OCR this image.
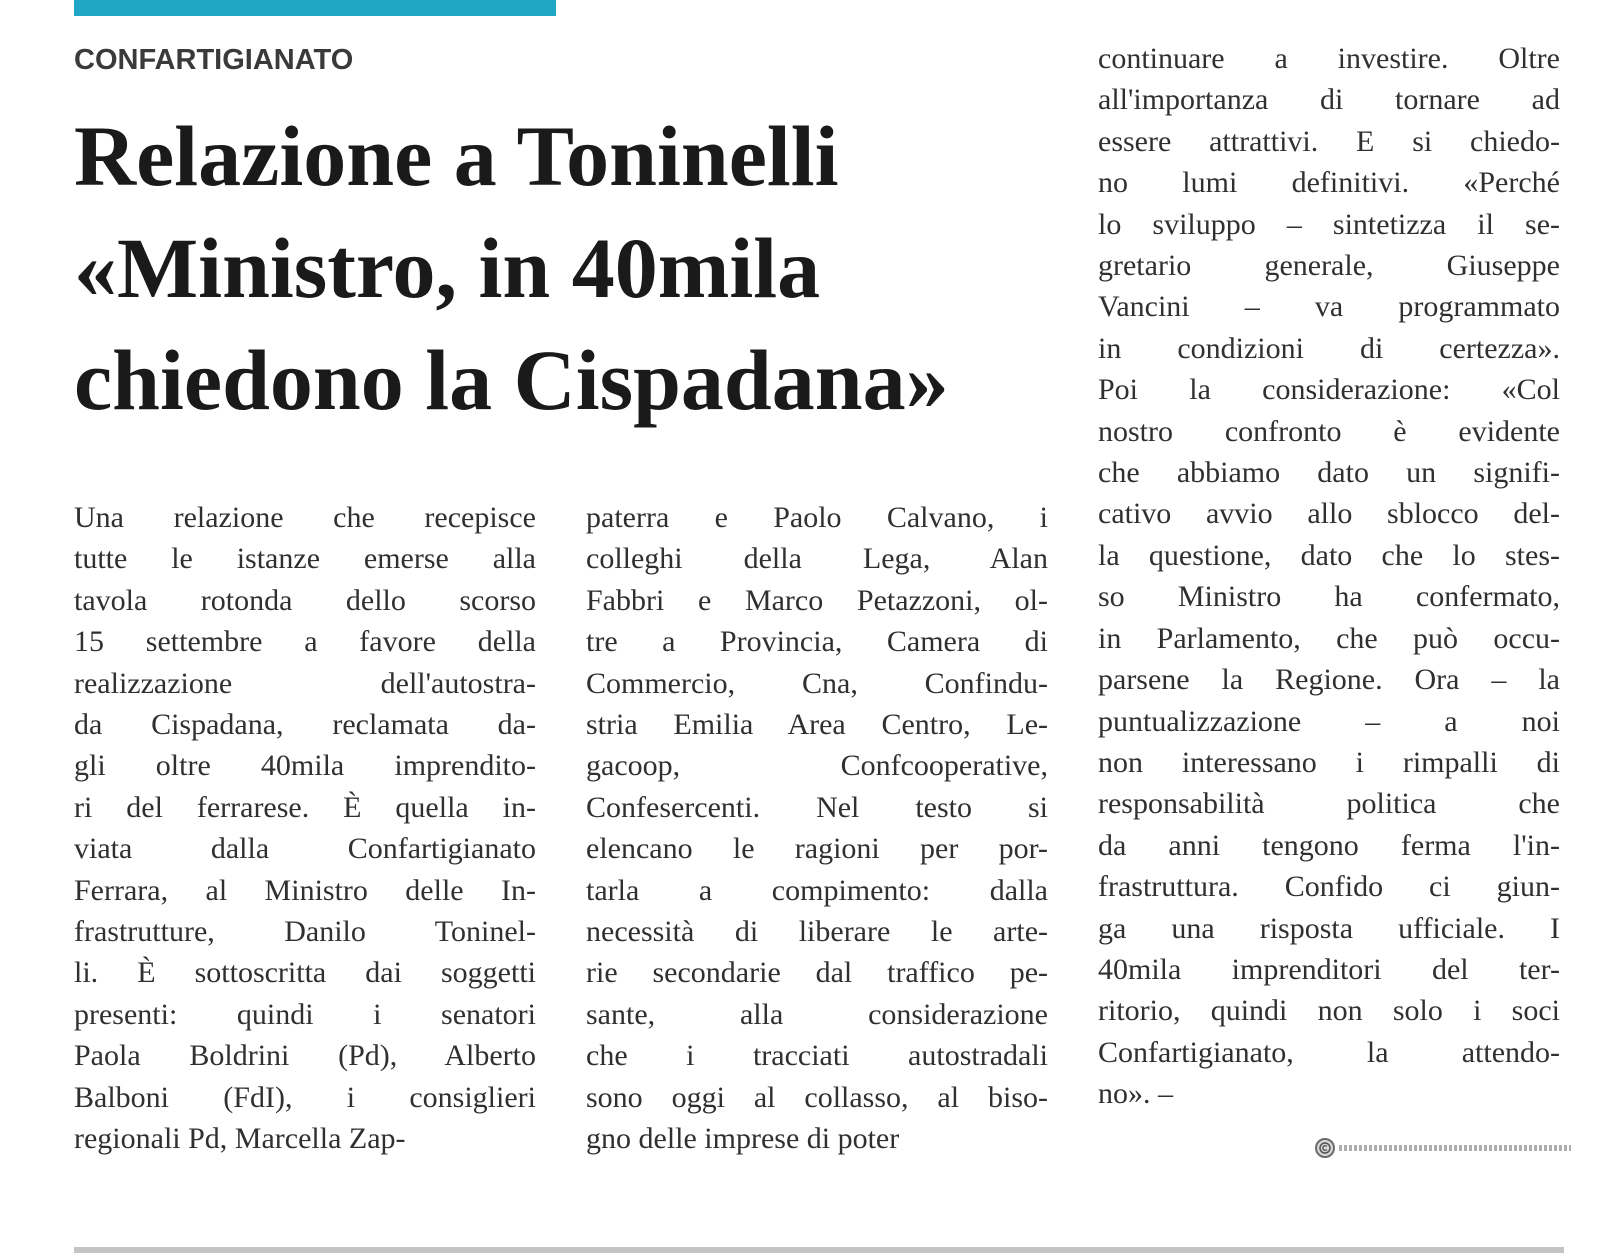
CONFARTIGIANATO
Relazione a Toninelli
«Ministro, in 40mila
chiedono la Cispadana»
Una relazione che recepisce
tutte le istanze emerse alla
tavola rotonda dello scorso
15 settembre a favore della
realizzazione dell'autostra-
da Cispadana, reclamata da-
gli oltre 40mila imprendito-
ri del ferrarese. È quella in-
viata dalla Confartigianato
Ferrara, al Ministro delle In-
frastrutture, Danilo Toninel-
li. È sottoscritta dai soggetti
presenti: quindi i senatori
Paola Boldrini (Pd), Alberto
Balboni (FdI), i consiglieri
regionali Pd, Marcella Zap-
paterra e Paolo Calvano, i
colleghi della Lega, Alan
Fabbri e Marco Petazzoni, ol-
tre a Provincia, Camera di
Commercio, Cna, Confindu-
stria Emilia Area Centro, Le-
gacoop, Confcooperative,
Confesercenti. Nel testo si
elencano le ragioni per por-
tarla a compimento: dalla
necessità di liberare le arte-
rie secondarie dal traffico pe-
sante, alla considerazione
che i tracciati autostradali
sono oggi al collasso, al biso-
gno delle imprese di poter
continuare a investire. Oltre
all'importanza di tornare ad
essere attrattivi. E si chiedo-
no lumi definitivi. «Perché
lo sviluppo – sintetizza il se-
gretario generale, Giuseppe
Vancini – va programmato
in condizioni di certezza».
Poi la considerazione: «Col
nostro confronto è evidente
che abbiamo dato un signifi-
cativo avvio allo sblocco del-
la questione, dato che lo stes-
so Ministro ha confermato,
in Parlamento, che può occu-
parsene la Regione. Ora – la
puntualizzazione – a noi
non interessano i rimpalli di
responsabilità politica che
da anni tengono ferma l'in-
frastruttura. Confido ci giun-
ga una risposta ufficiale. I
40mila imprenditori del ter-
ritorio, quindi non solo i soci
Confartigianato, la attendo-
no». –
